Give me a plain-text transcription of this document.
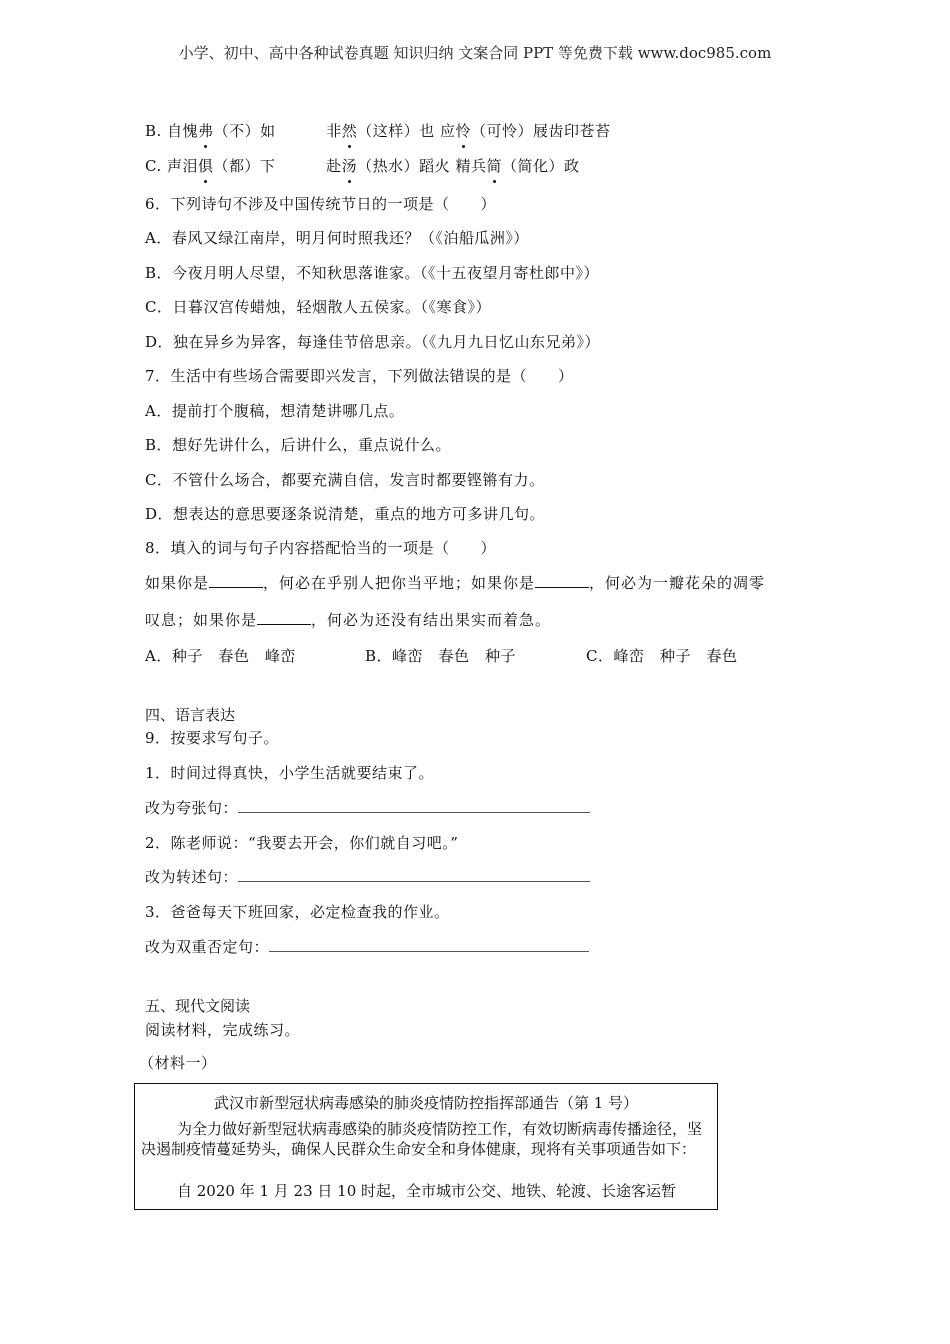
小学、初中、高中各种试卷真题 知识归纳 文案合同 PPT 等免费下载 www.doc985.com
B. 自愧弗（不）如	非然（这样）也 应怜（可怜）屐齿印苍苔
C. 声泪俱（都）下	赴汤（热水）蹈火 精兵简（简化）政
6．下列诗句不涉及中国传统节日的一项是（　　）
A．春风又绿江南岸，明月何时照我还？（《泊船瓜洲》）
B．今夜月明人尽望，不知秋思落谁家。（《十五夜望月寄杜郎中》）
C．日暮汉宫传蜡烛，轻烟散人五侯家。（《寒食》）
D．独在异乡为异客，每逢佳节倍思亲。（《九月九日忆山东兄弟》）
7．生活中有些场合需要即兴发言，下列做法错误的是（　　）
A．提前打个腹稿，想清楚讲哪几点。
B．想好先讲什么，后讲什么，重点说什么。
C．不管什么场合，都要充满自信，发言时都要铿锵有力。
D．想表达的意思要逐条说清楚，重点的地方可多讲几句。
8．填入的词与句子内容搭配恰当的一项是（　　）
如果你是	，何必在乎别人把你当平地；如果你是	，何必为一瓣花朵的凋零
叹息；如果你是	，何必为还没有结出果实而着急。
A．种子　春色　峰峦	B．峰峦　春色　种子	C．峰峦　种子　春色
四、语言表达
9．按要求写句子。
1．时间过得真快，小学生活就要结束了。
改为夸张句：
2．陈老师说：“我要去开会，你们就自习吧。”
改为转述句：
3．爸爸每天下班回家，必定检查我的作业。
改为双重否定句：
五、现代文阅读
阅读材料，完成练习。
（材料一）
武汉市新型冠状病毒感染的肺炎疫情防控指挥部通告（第 1 号）
为全力做好新型冠状病毒感染的肺炎疫情防控工作，有效切断病毒传播途径，坚决遏制疫情蔓延势头，确保人民群众生命安全和身体健康，现将有关事项通告如下：
自 2020 年 1 月 23 日 10 时起，全市城市公交、地铁、轮渡、长途客运暂
